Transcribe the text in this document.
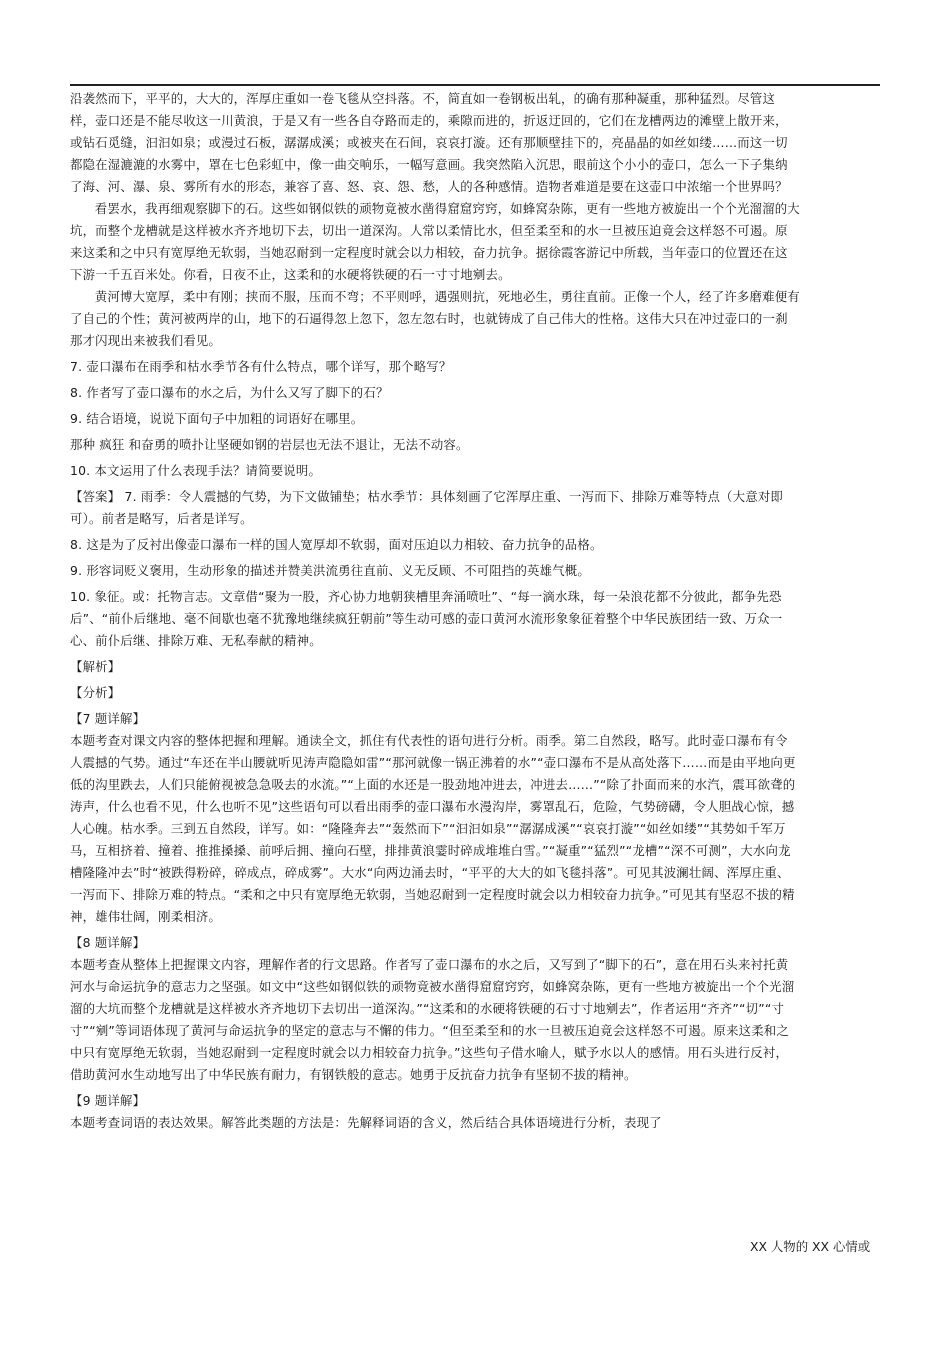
沿袭然而下，平平的，大大的，浑厚庄重如一卷飞毯从空抖落。不，简直如一卷钢板出轧，的确有那种凝重，那种猛烈。尽管这样，壶口还是不能尽收这一川黄浪，于是又有一些各自夺路而走的，乘隙而进的，折返迂回的，它们在龙槽两边的滩壁上散开来，或钻石觅缝，汩汩如泉；或漫过石板，潺潺成溪；或被夹在石间，哀哀打漩。还有那顺壁挂下的，亮晶晶的如丝如缕……而这一切都隐在湿漉漉的水雾中，罩在七色彩虹中，像一曲交响乐，一幅写意画。我突然陷入沉思，眼前这个小小的壶口，怎么一下子集纳了海、河、瀑、泉、雾所有水的形态，兼容了喜、怒、哀、怨、愁，人的各种感情。造物者难道是要在这壶口中浓缩一个世界吗？

看罢水，我再细观察脚下的石。这些如钢似铁的顽物竟被水凿得窟窟窍窍，如蜂窝杂陈，更有一些地方被旋出一个个光溜溜的大坑，而整个龙槽就是这样被水齐齐地切下去，切出一道深沟。人常以柔情比水，但至柔至和的水一旦被压迫竟会这样怒不可遏。原来这柔和之中只有宽厚绝无软弱，当她忍耐到一定程度时就会以力相较，奋力抗争。据徐霞客游记中所载，当年壶口的位置还在这下游一千五百米处。你看，日夜不止，这柔和的水硬将铁硬的石一寸寸地剜去。

黄河博大宽厚，柔中有刚；挟而不服，压而不弯；不平则呼，遇强则抗，死地必生，勇往直前。正像一个人，经了许多磨难便有了自己的个性；黄河被两岸的山，地下的石逼得忽上忽下，忽左忽右时，也就铸成了自己伟大的性格。这伟大只在冲过壶口的一刹那才闪现出来被我们看见。

7. 壶口瀑布在雨季和枯水季节各有什么特点，哪个详写，那个略写？

8. 作者写了壶口瀑布的水之后，为什么又写了脚下的石？

9. 结合语境，说说下面句子中加粗的词语好在哪里。

那种 疯狂 和奋勇的喷扑让坚硬如钢的岩层也无法不退让，无法不动容。

10. 本文运用了什么表现手法？请简要说明。

【答案】 7. 雨季：令人震撼的气势，为下文做铺垫；枯水季节：具体刻画了它浑厚庄重、一泻而下、排除万难等特点（大意对即可）。前者是略写，后者是详写。

8. 这是为了反衬出像壶口瀑布一样的国人宽厚却不软弱，面对压迫以力相较、奋力抗争的品格。

9. 形容词贬义褒用，生动形象的描述并赞美洪流勇往直前、义无反顾、不可阻挡的英雄气概。

10. 象征。或：托物言志。文章借“聚为一股，齐心协力地朝狭槽里奔涌喷吐”、“每一滴水珠，每一朵浪花都不分彼此，都争先恐后”、“前仆后继地、毫不间歇也毫不犹豫地继续疯狂朝前”等生动可感的壶口黄河水流形象象征着整个中华民族团结一致、万众一心、前仆后继、排除万难、无私奉献的精神。

【解析】

【分析】

【7 题详解】

本题考查对课文内容的整体把握和理解。通读全文，抓住有代表性的语句进行分析。雨季。第二自然段，略写。此时壶口瀑布有令人震撼的气势。通过“车还在半山腰就听见涛声隐隐如雷”“那河就像一锅正沸着的水”“壶口瀑布不是从高处落下……而是由平地向更低的沟里跌去，人们只能俯视被急急吸去的水流。”“上面的水还是一股劲地冲进去，冲进去……”“除了扑面而来的水汽，震耳欲聋的涛声，什么也看不见，什么也听不见”这些语句可以看出雨季的壶口瀑布水漫沟岸，雾罩乱石，危险，气势磅礴，令人胆战心惊，撼人心魄。枯水季。三到五自然段，详写。如：“隆隆奔去”“轰然而下”“汩汩如泉”“潺潺成溪”“哀哀打漩”“如丝如缕”“其势如千军万马，互相挤着、撞着、推推搡搡、前呼后拥、撞向石壁，排排黄浪霎时碎成堆堆白雪。”“凝重”“猛烈”“龙槽”“深不可测”，大水向龙槽隆隆冲去”时“被跌得粉碎，碎成点，碎成雾”。大水“向两边涌去时，“平平的大大的如飞毯抖落”。可见其波澜壮阔、浑厚庄重、一泻而下、排除万难的特点。“柔和之中只有宽厚绝无软弱，当她忍耐到一定程度时就会以力相较奋力抗争。”可见其有坚忍不拔的精神，雄伟壮阔，刚柔相济。

【8 题详解】

本题考查从整体上把握课文内容，理解作者的行文思路。作者写了壶口瀑布的水之后，又写到了“脚下的石”，意在用石头来衬托黄河水与命运抗争的意志力之坚强。如文中“这些如钢似铁的顽物竟被水凿得窟窟窍窍，如蜂窝杂陈，更有一些地方被旋出一个个光溜溜的大坑而整个龙槽就是这样被水齐齐地切下去切出一道深沟。”“这柔和的水硬将铁硬的石寸寸地剜去”，作者运用“齐齐”“切”“寸寸”“剜”等词语体现了黄河与命运抗争的坚定的意志与不懈的伟力。“但至柔至和的水一旦被压迫竟会这样怒不可遏。原来这柔和之中只有宽厚绝无软弱，当她忍耐到一定程度时就会以力相较奋力抗争。”这些句子借水喻人，赋予水以人的感情。用石头进行反衬，借助黄河水生动地写出了中华民族有耐力，有钢铁般的意志。她勇于反抗奋力抗争有坚韧不拔的精神。

【9 题详解】

本题考查词语的表达效果。解答此类题的方法是：先解释词语的含义，然后结合具体语境进行分析，表现了

XX 人物的 XX 心情或
